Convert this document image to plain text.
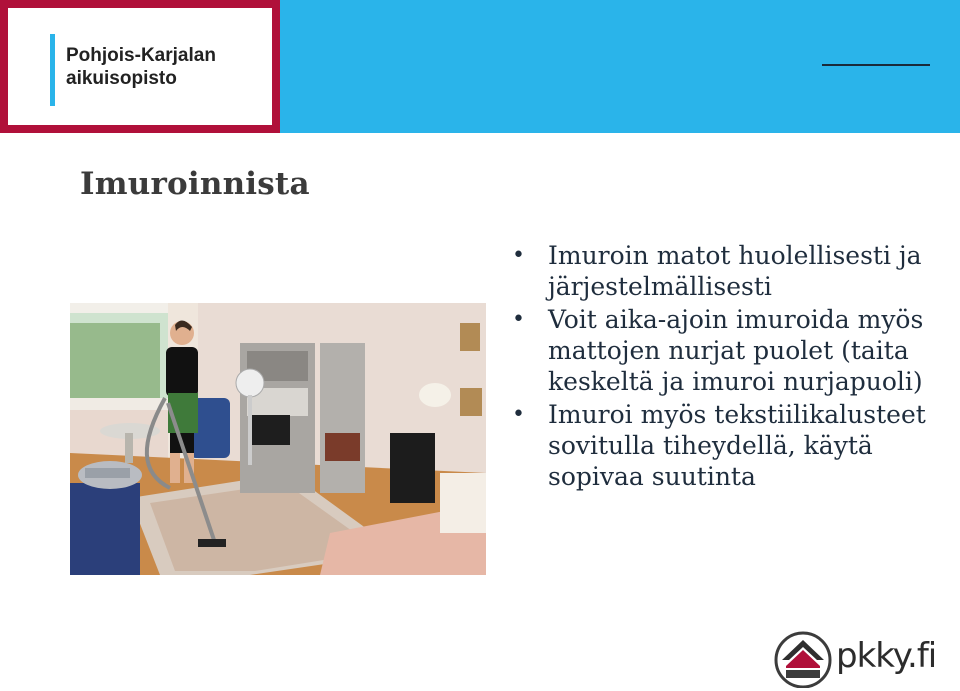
Pohjois-Karjalan
aikuisopisto
Imuroinnista
• Imuroin matot huolellisesti ja järjestelmällisesti
• Voit aika-ajoin imuroida myös mattojen nurjat puolet (taita keskeltä ja imuroi nurjapuoli)
• Imuroi myös tekstiilikalusteet sovitulla tiheydellä, käytä sopivaa suutinta
pkky.fi
